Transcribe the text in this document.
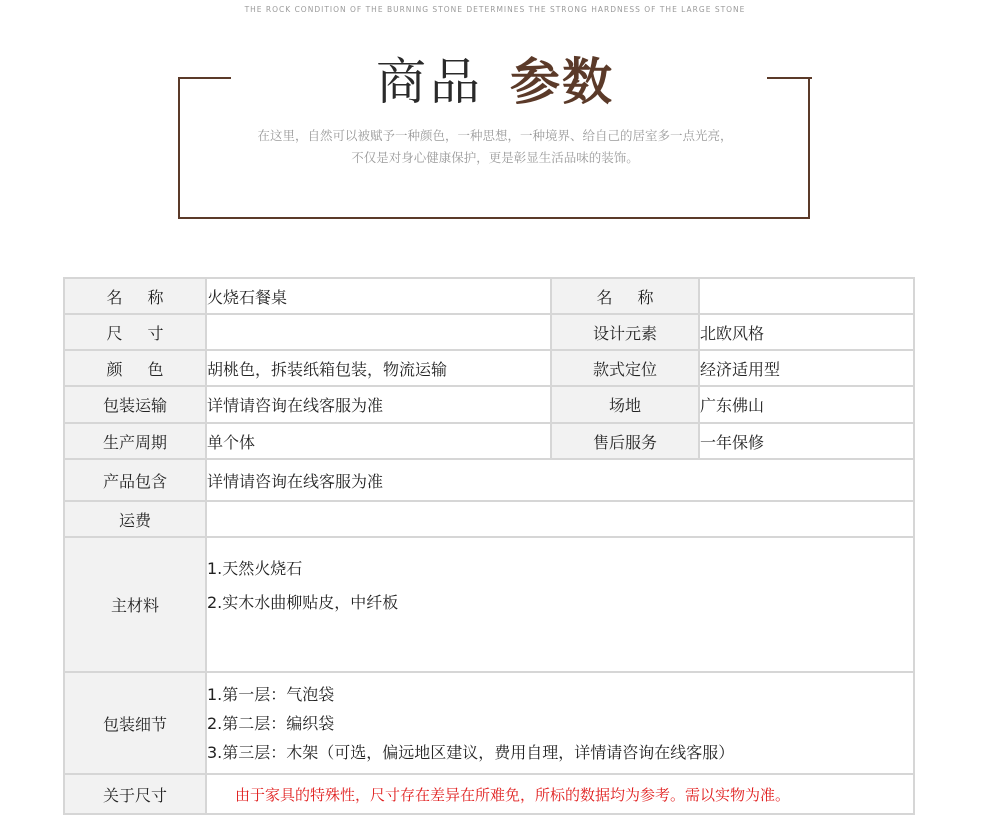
THE ROCK CONDITION OF THE BURNING STONE DETERMINES THE STRONG HARDNESS OF THE LARGE STONE
商品 参数
在这里，自然可以被赋予一种颜色，一种思想，一种境界、给自己的居室多一点光亮，
不仅是对身心健康保护，更是彰显生活品味的装饰。
名 称	火烧石餐桌	名 称	
尺 寸		设计元素	北欧风格
颜 色	胡桃色，拆装纸箱包装，物流运输	款式定位	经济适用型
包装运输	详情请咨询在线客服为准	场地	广东佛山
生产周期	单个体	售后服务	一年保修
产品包含	详情请咨询在线客服为准		
运费			
主材料	1.天然火烧石
2.实木水曲柳贴皮，中纤板		

包装细节	1.第一层：气泡袋
2.第二层：编织袋
3.第三层：木架（可选，偏远地区建议，费用自理，详情请咨询在线客服）		

关于尺寸	由于家具的特殊性，尺寸存在差异在所难免，所标的数据均为参考。需以实物为准。		
